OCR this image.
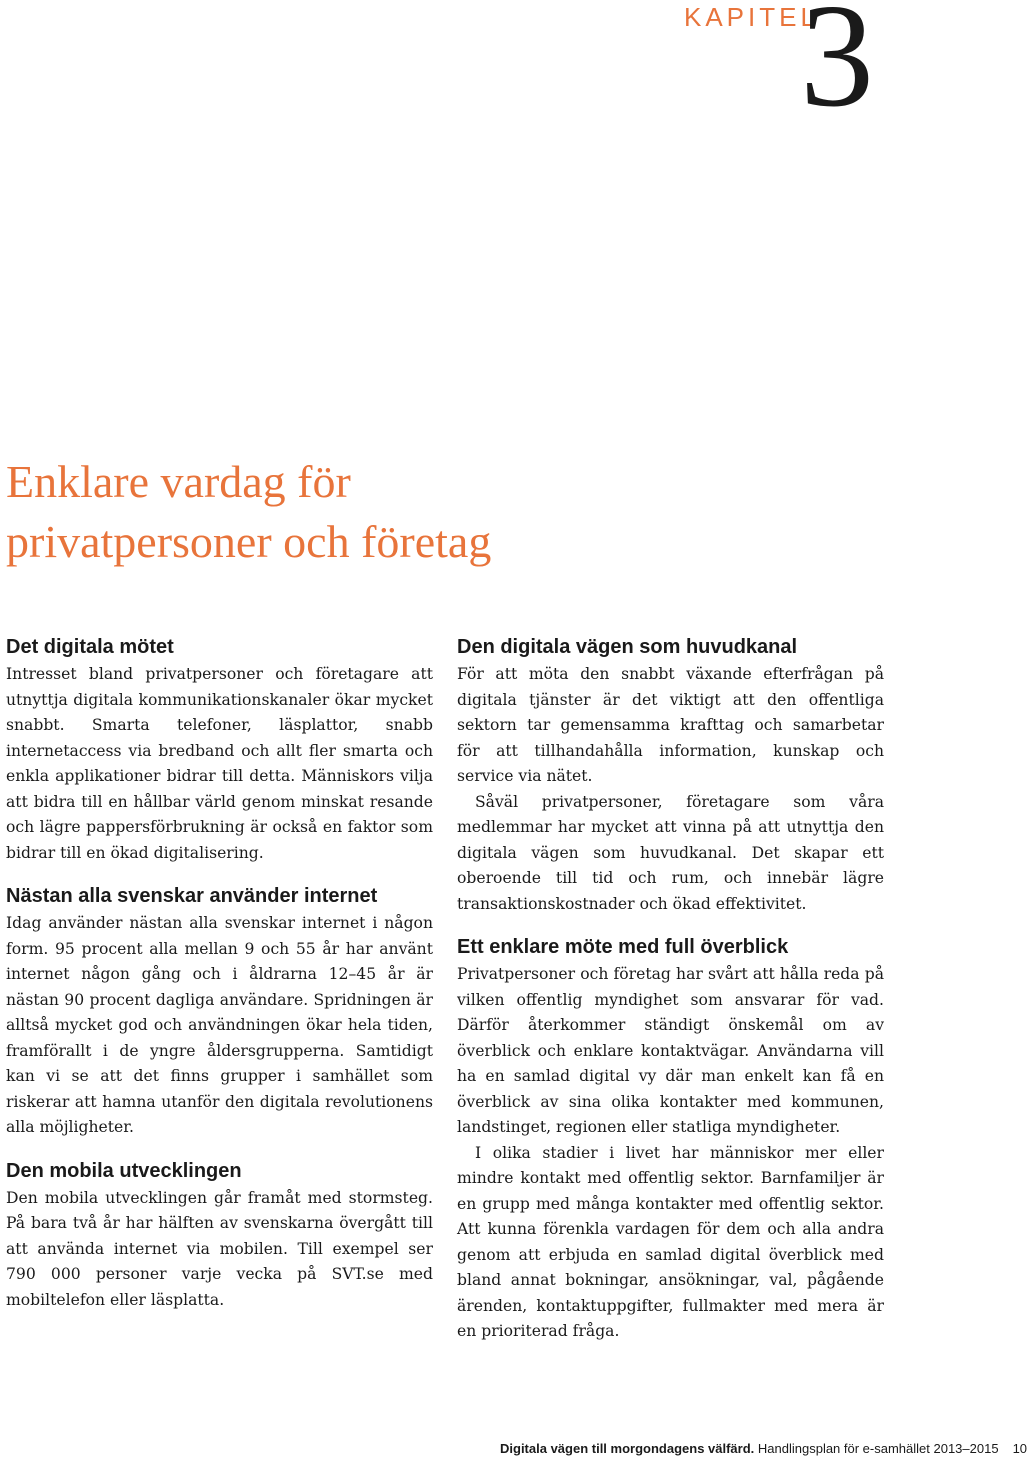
KAPITEL
3
Enklare vardag för
privatpersoner och företag
Det digitala mötet

Intresset bland privatpersoner och företagare att utnyttja digitala kommunikationskanaler ökar mycket snabbt. Smarta telefoner, läsplattor, snabb internetaccess via bredband och allt fler smarta och enkla applikationer bidrar till detta. Människors vilja att bidra till en hållbar värld genom minskat resande och lägre pappersförbrukning är också en faktor som bidrar till en ökad digitalisering.

Nästan alla svenskar använder internet

Idag använder nästan alla svenskar internet i någon form. 95 procent alla mellan 9 och 55 år har använt internet någon gång och i åldrarna 12–45 år är nästan 90 procent dagliga användare. Spridningen är alltså mycket god och användningen ökar hela tiden, framförallt i de yngre åldersgrupperna. Samtidigt kan vi se att det finns grupper i samhället som riskerar att hamna utanför den digitala revolutionens alla möjligheter.

Den mobila utvecklingen

Den mobila utvecklingen går framåt med stormsteg. På bara två år har hälften av svenskarna övergått till att använda internet via mobilen. Till exempel ser 790 000 personer varje vecka på SVT.se med mobiltelefon eller läsplatta.

Den digitala vägen som huvudkanal

För att möta den snabbt växande efterfrågan på digitala tjänster är det viktigt att den offentliga sektorn tar gemensamma krafttag och samarbetar för att tillhandahålla information, kunskap och service via nätet.

Såväl privatpersoner, företagare som våra medlemmar har mycket att vinna på att utnyttja den digitala vägen som huvudkanal. Det skapar ett oberoende till tid och rum, och innebär lägre transaktionskostnader och ökad effektivitet.

Ett enklare möte med full överblick

Privatpersoner och företag har svårt att hålla reda på vilken offentlig myndighet som ansvarar för vad. Därför återkommer ständigt önskemål om av överblick och enklare kontaktvägar. Användarna vill ha en samlad digital vy där man enkelt kan få en överblick av sina olika kontakter med kommunen, landstinget, regionen eller statliga myndigheter.

I olika stadier i livet har människor mer eller mindre kontakt med offentlig sektor. Barnfamiljer är en grupp med många kontakter med offentlig sektor. Att kunna förenkla vardagen för dem och alla andra genom att erbjuda en samlad digital överblick med bland annat bokningar, ansökningar, val, pågående ärenden, kontaktuppgifter, fullmakter med mera är en prioriterad fråga.

Digitala vägen till morgondagens välfärd. Handlingsplan för e-samhället 2013–2015 10
